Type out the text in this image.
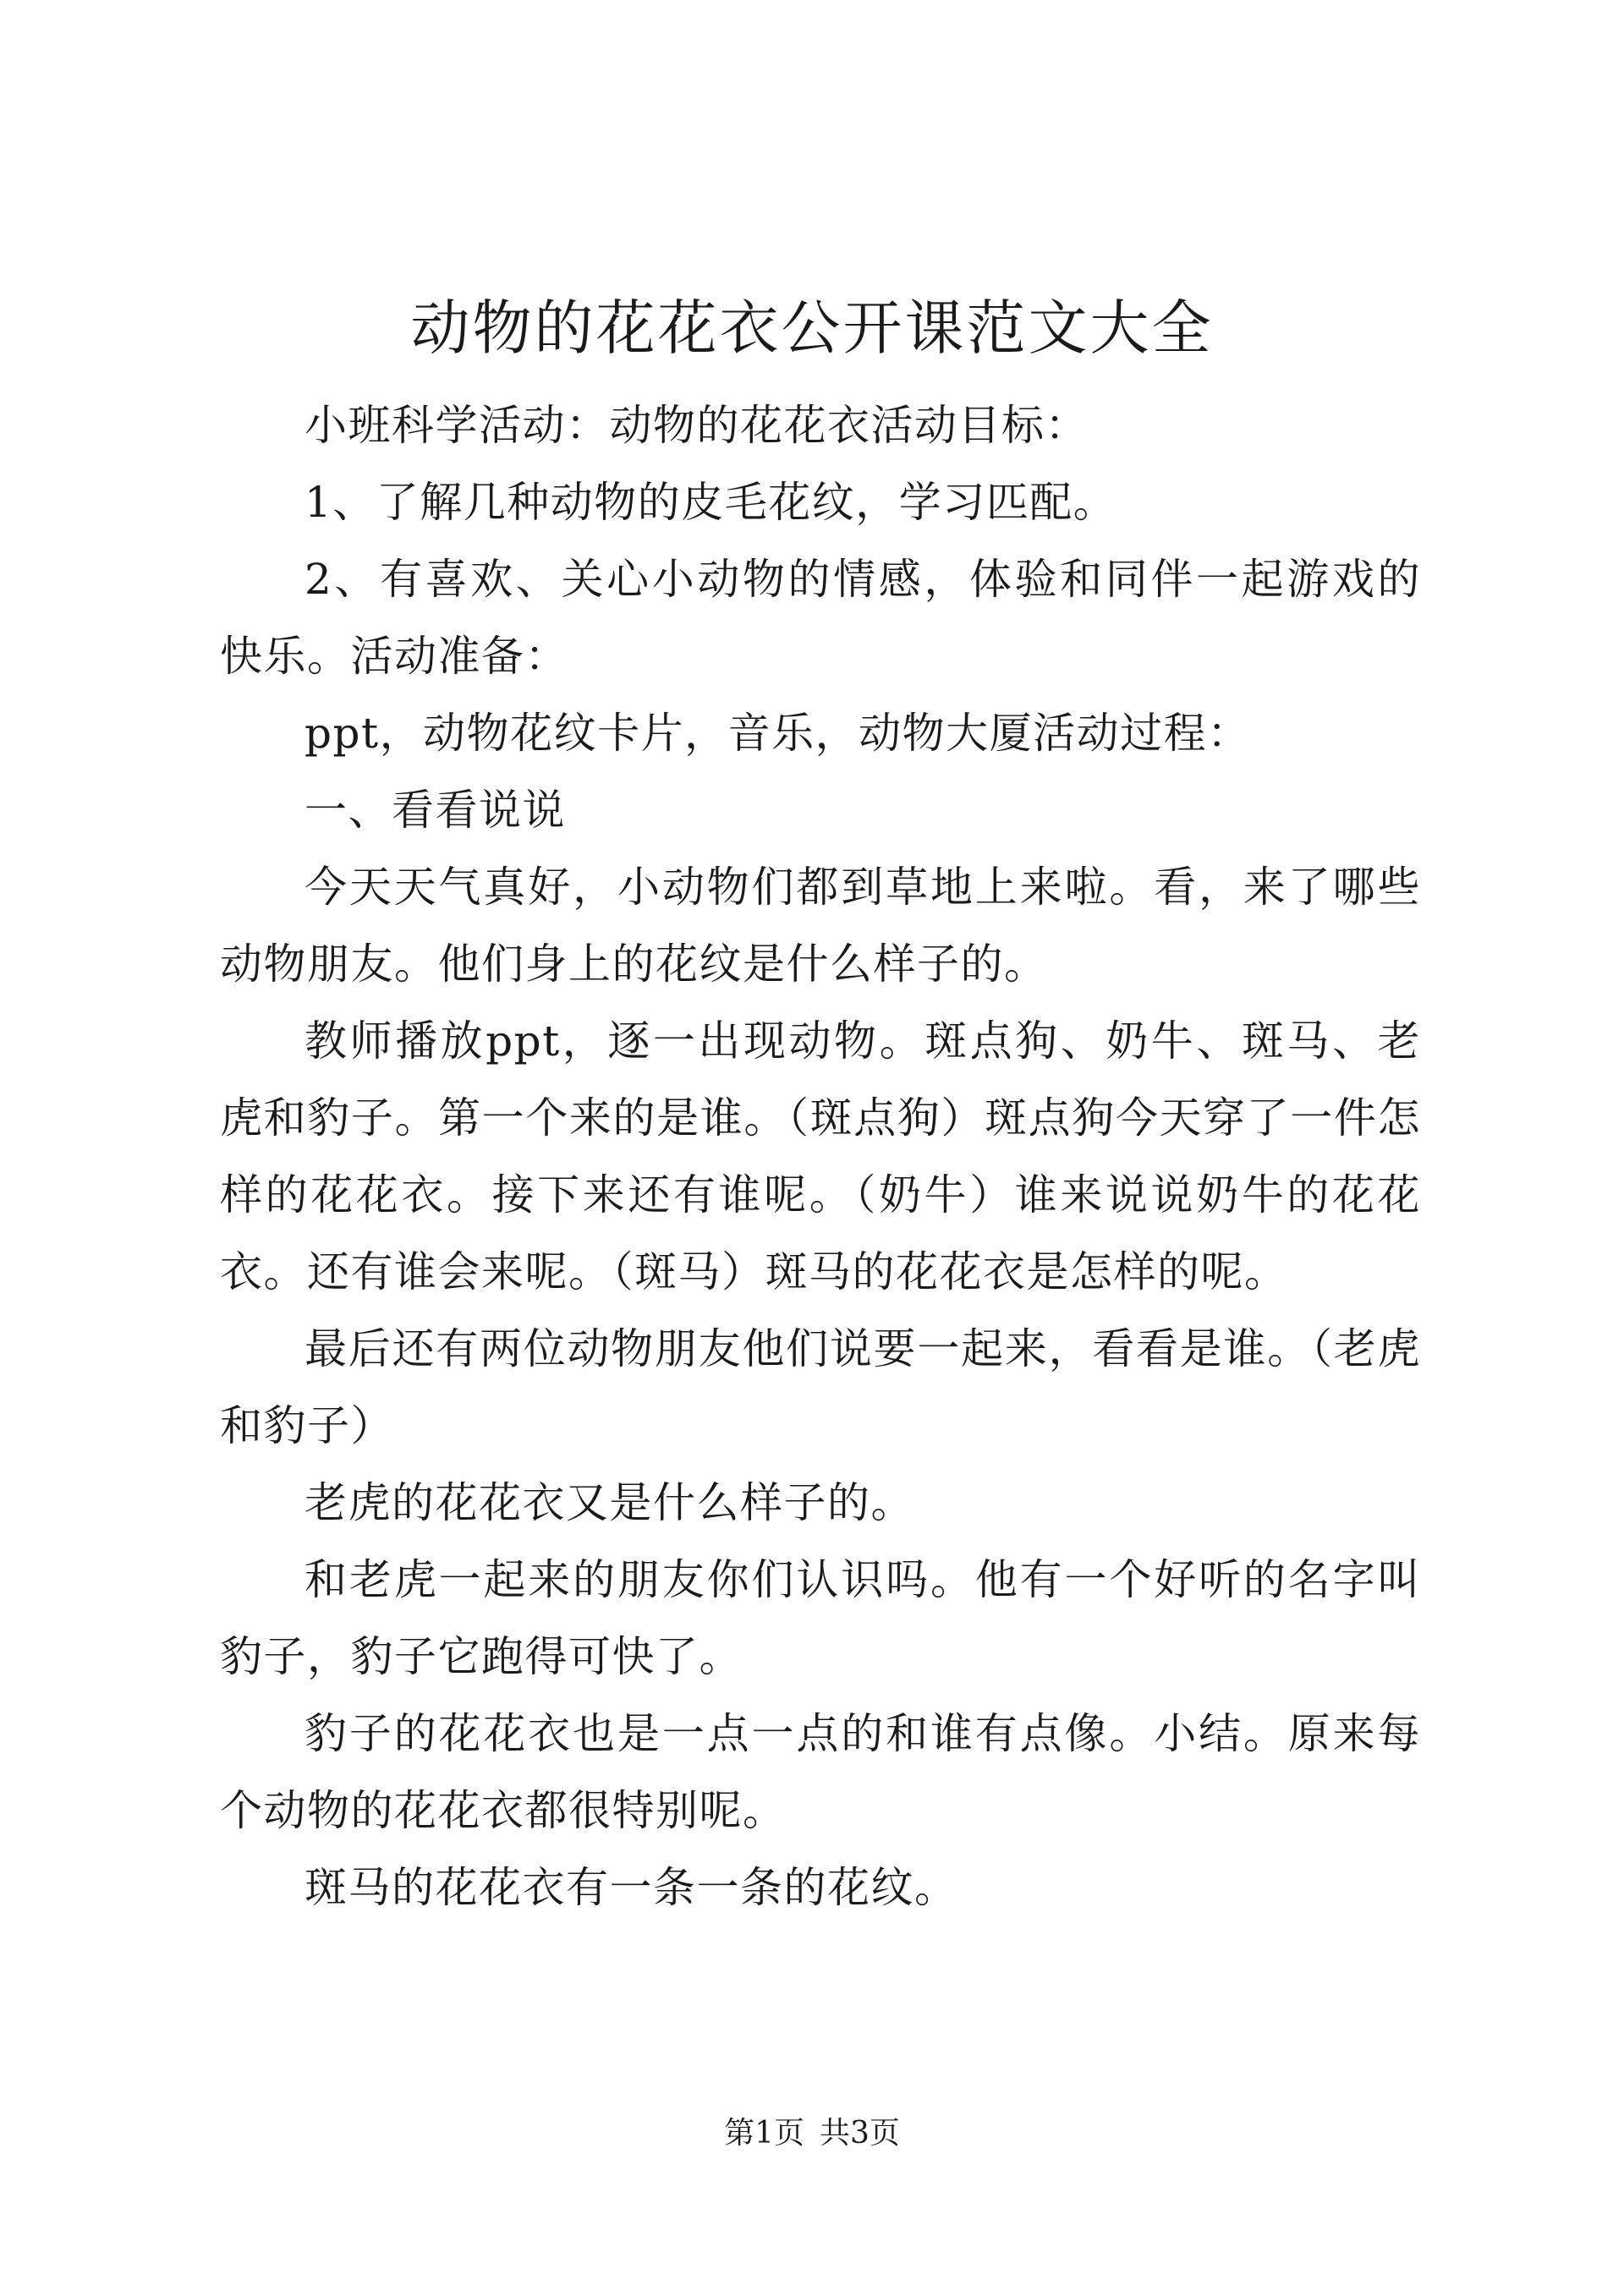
动物的花花衣公开课范文大全

小班科学活动：动物的花花衣活动目标：

1、了解几种动物的皮毛花纹，学习匹配。

2、有喜欢、关心小动物的情感，体验和同伴一起游戏的快乐。活动准备：

ppt，动物花纹卡片，音乐，动物大厦活动过程：

一、看看说说

今天天气真好，小动物们都到草地上来啦。看，来了哪些动物朋友。他们身上的花纹是什么样子的。

教师播放ppt，逐一出现动物。斑点狗、奶牛、斑马、老虎和豹子。第一个来的是谁。（斑点狗）斑点狗今天穿了一件怎样的花花衣。接下来还有谁呢。（奶牛）谁来说说奶牛的花花衣。还有谁会来呢。（斑马）斑马的花花衣是怎样的呢。

最后还有两位动物朋友他们说要一起来，看看是谁。（老虎和豹子）

老虎的花花衣又是什么样子的。

和老虎一起来的朋友你们认识吗。他有一个好听的名字叫豹子，豹子它跑得可快了。

豹子的花花衣也是一点一点的和谁有点像。小结。原来每个动物的花花衣都很特别呢。

斑马的花花衣有一条一条的花纹。

第1页 共3页
